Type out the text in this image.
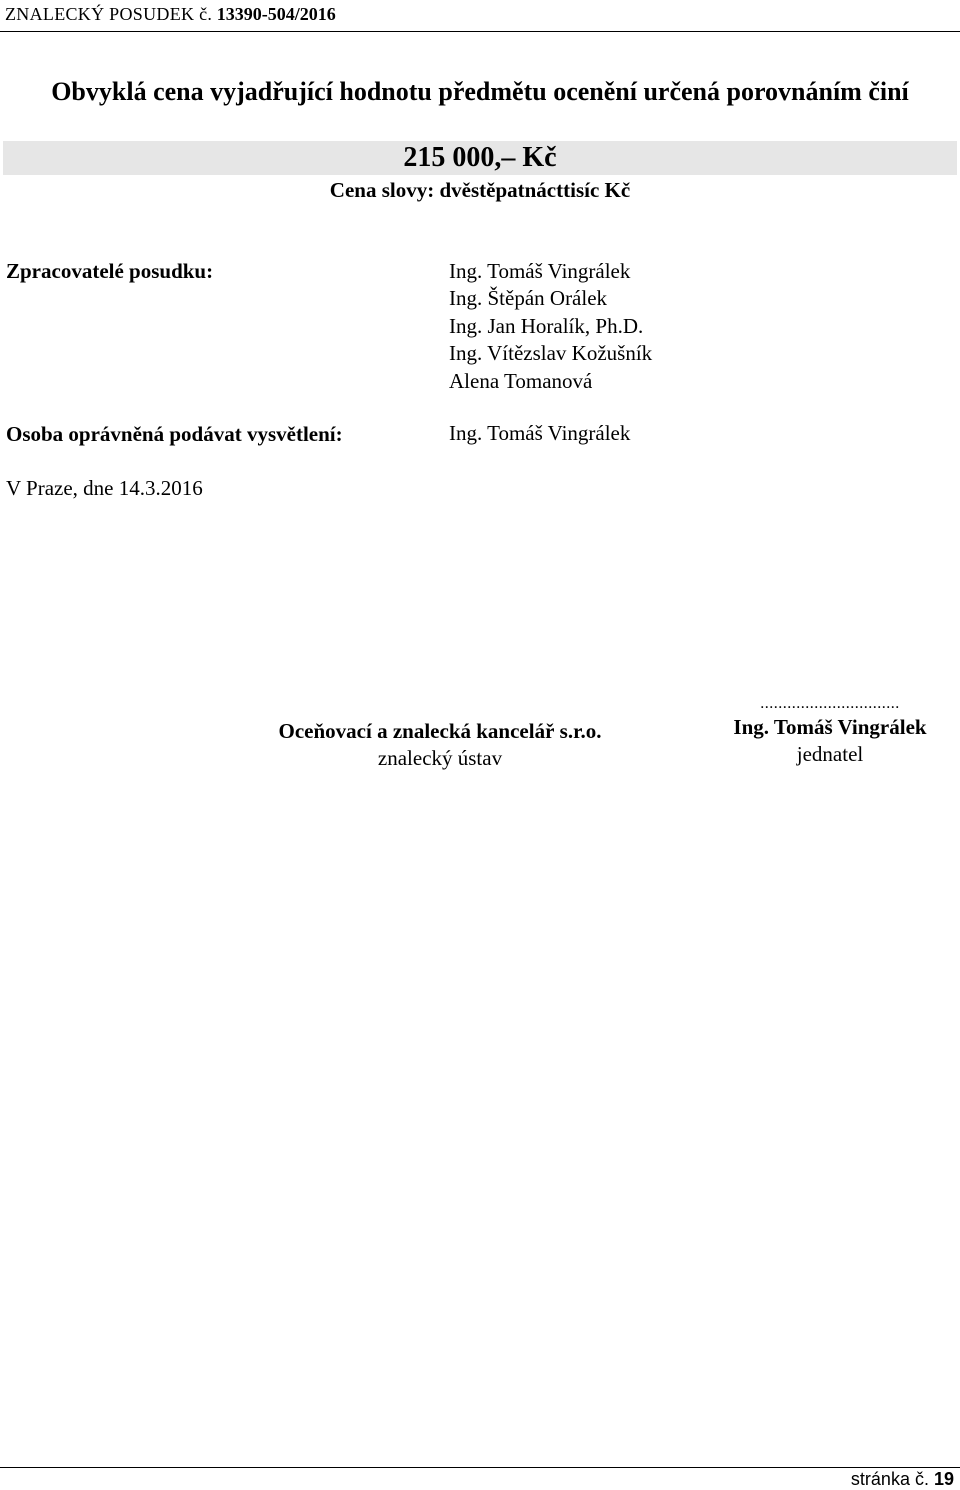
ZNALECKÝ POSUDEK č. 13390-504/2016
Obvyklá cena vyjadřující hodnotu předmětu ocenění určená porovnáním činí
215 000,– Kč
Cena slovy: dvěstěpatnácttisíc Kč
Zpracovatelé posudku:	Ing. Tomáš Vingrálek
Ing. Štěpán Orálek
Ing. Jan Horalík, Ph.D.
Ing. Vítězslav Kožušník
Alena Tomanová
Osoba oprávněná podávat vysvětlení:	Ing. Tomáš Vingrálek
V Praze, dne 14.3.2016
Oceňovací a znalecká kancelář s.r.o.
znalecký ústav
...............................
Ing. Tomáš Vingrálek
jednatel
stránka č. 19
